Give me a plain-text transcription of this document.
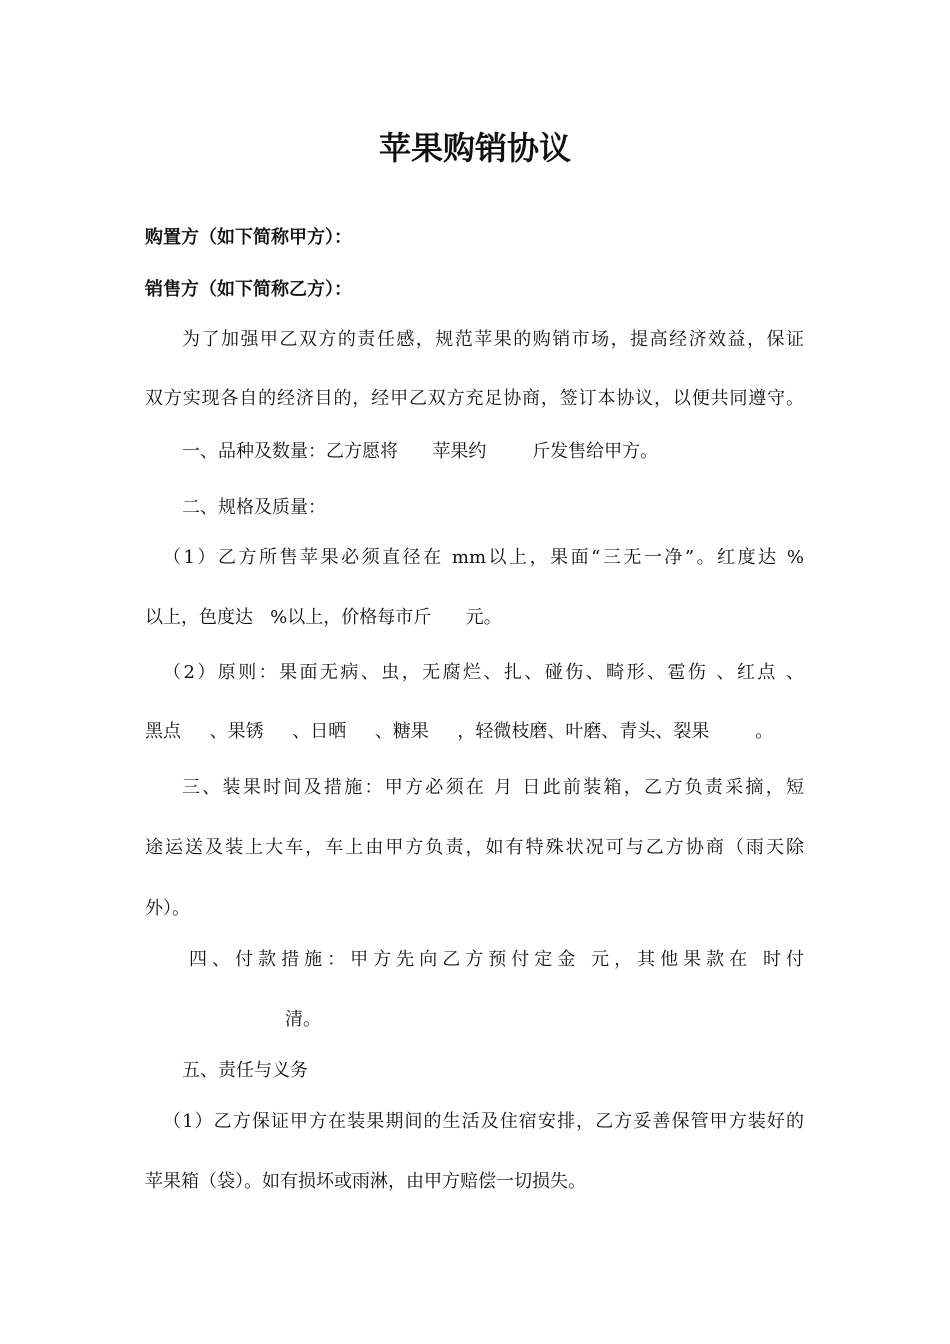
苹果购销协议
购置方（如下简称甲方）：
销售方（如下简称乙方）：
为了加强甲乙双方的责任感，规范苹果的购销市场，提高经济效益，保证
双方实现各自的经济目的，经甲乙双方充足协商，签订本协议，以便共同遵守。
一、品种及数量：乙方愿将      苹果约        斤发售给甲方。
二、规格及质量：
（1）乙方所售苹果必须直径在 mm以上，果面“三无一净”。红度达 %
以上，色度达   %以上，价格每市斤      元。
（2）原则：果面无病、虫，无腐烂、扎、碰伤、畸形、雹伤 、红点 、
黑点     、果锈     、日晒     、糖果     ，轻微枝磨、叶磨、青头、裂果        。
三、装果时间及措施：甲方必须在 月 日此前装箱，乙方负责采摘，短
途运送及装上大车，车上由甲方负责，如有特殊状况可与乙方协商（雨天除
外）。
四、付款措施：甲方先向乙方预付定金 元，其他果款在 时付
清。
五、责任与义务
（1）乙方保证甲方在装果期间的生活及住宿安排，乙方妥善保管甲方装好的
苹果箱（袋）。如有损坏或雨淋，由甲方赔偿一切损失。
